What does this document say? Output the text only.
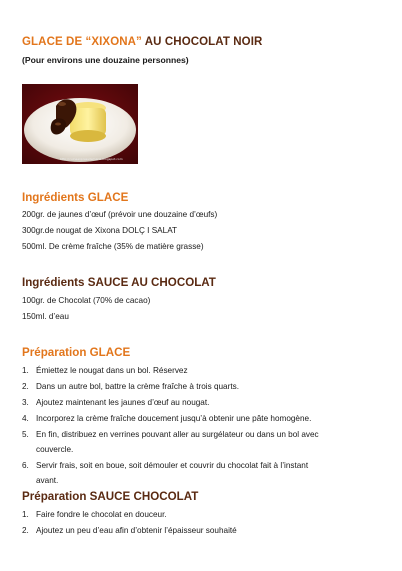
GLACE DE “XIXONA” AU CHOCOLAT NOIR
(Pour environs une douzaine personnes)
http://cuinaexpressdemaria.blogspot.com
Ingrédients GLACE
200gr. de jaunes d’œuf (prévoir une douzaine d’œufs)
300gr.de nougat de Xixona DOLÇ I SALAT
500ml. De crème fraîche (35% de matière grasse)
Ingrédients SAUCE AU CHOCOLAT
100gr. de Chocolat (70% de cacao)
150ml. d’eau
Préparation GLACE
1. Émiettez le nougat dans un bol. Réservez
2. Dans un autre bol, battre la crème fraîche à trois quarts.
3. Ajoutez maintenant les jaunes d’œuf au nougat.
4. Incorporez la crème fraîche doucement jusqu’à obtenir une pâte homogène.
5. En fin, distribuez en verrines pouvant aller au surgélateur ou dans un bol avec
couvercle.
6. Servir frais, soit en boue, soit démouler et couvrir du chocolat fait à l’instant
avant.
Préparation SAUCE CHOCOLAT
1. Faire fondre le chocolat en douceur.
2. Ajoutez un peu d’eau afin d’obtenir l’épaisseur souhaité
